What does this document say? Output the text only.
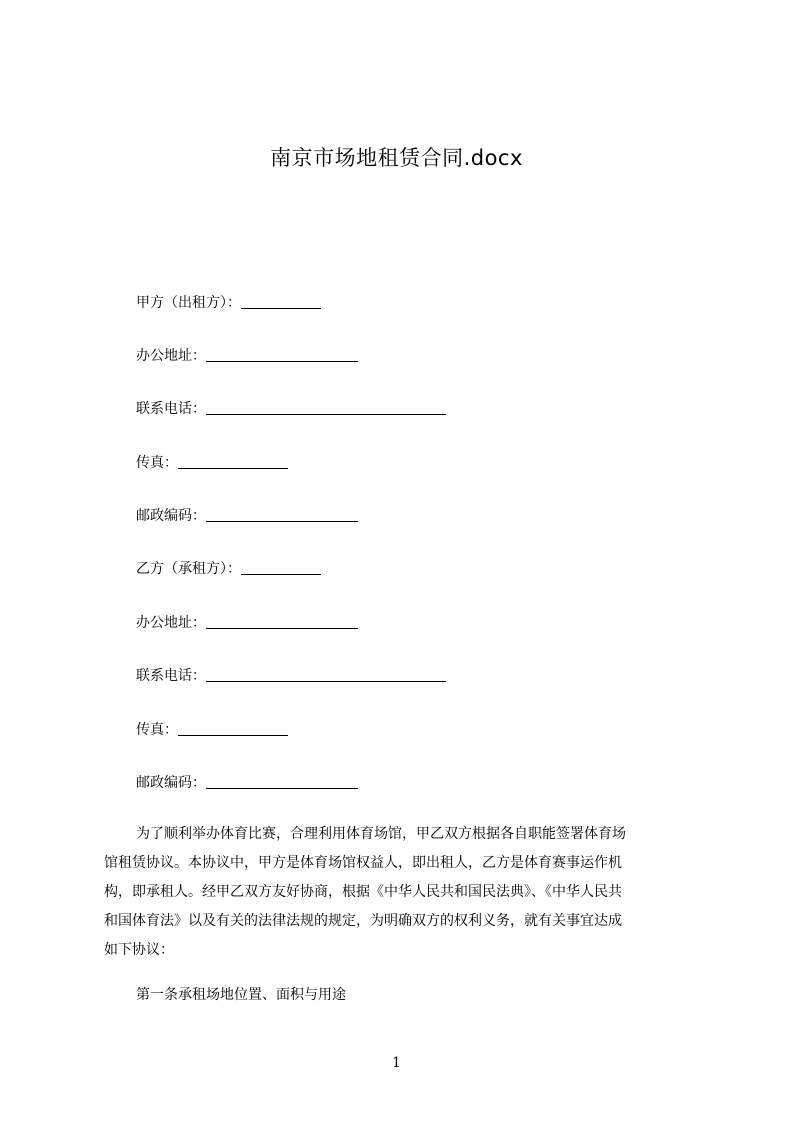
南京市场地租赁合同.docx
甲方（出租方）：
办公地址：
联系电话：
传真：
邮政编码：
乙方（承租方）：
办公地址：
联系电话：
传真：
邮政编码：
为了顺利举办体育比赛，合理利用体育场馆，甲乙双方根据各自职能签署体育场
馆租赁协议。本协议中，甲方是体育场馆权益人，即出租人，乙方是体育赛事运作机
构，即承租人。经甲乙双方友好协商，根据《中华人民共和国民法典》、《中华人民共
和国体育法》以及有关的法律法规的规定，为明确双方的权利义务，就有关事宜达成
如下协议：
第一条承租场地位置、面积与用途
1
